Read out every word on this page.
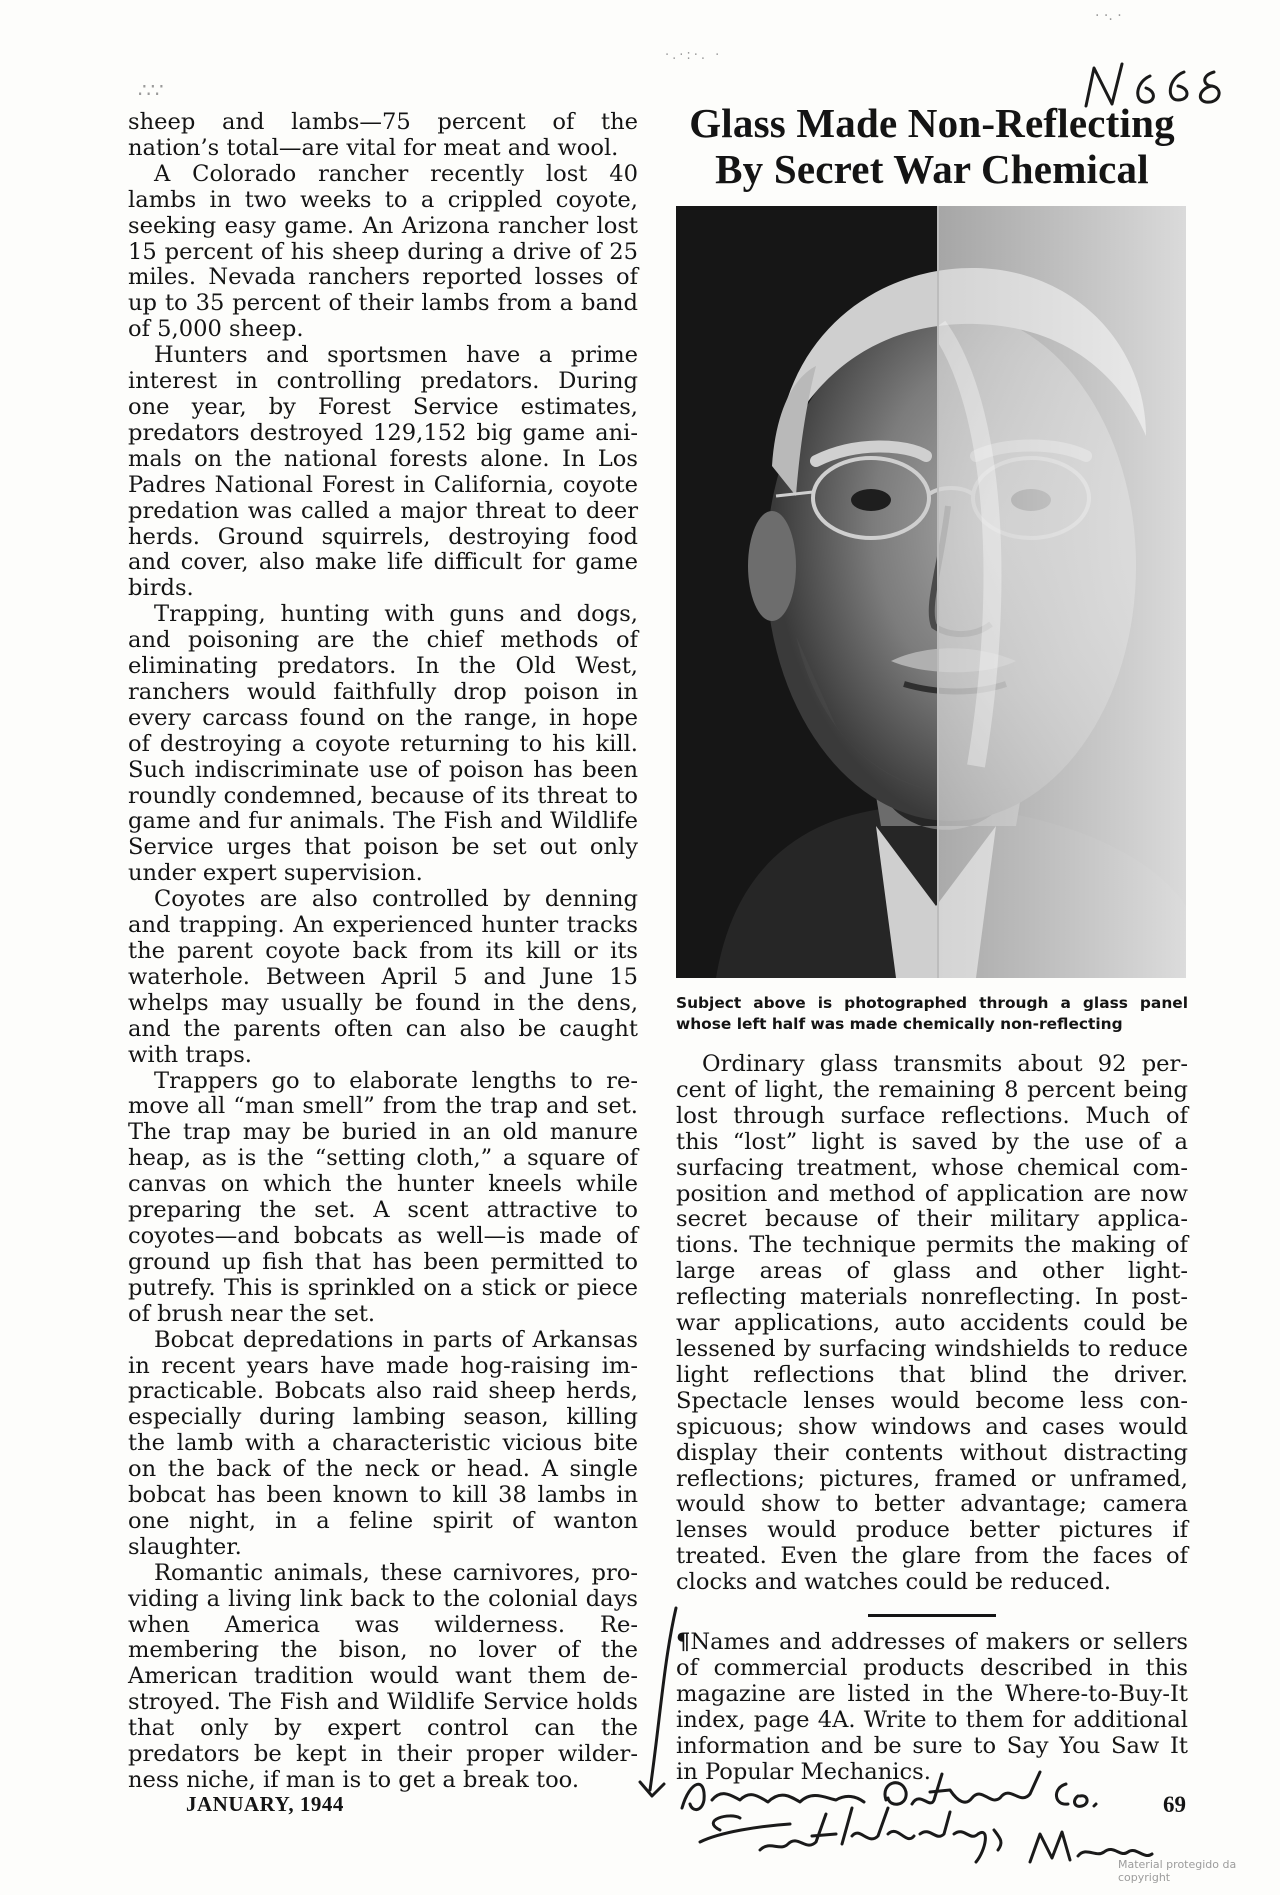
∴∵
·.·:·. ·
· ·. ·

sheep and lambs—75 percent of the nation’s total—are vital for meat and wool.

A Colorado rancher recently lost 40 lambs in two weeks to a crippled coyote, seeking easy game. An Arizona rancher lost 15 percent of his sheep during a drive of 25 miles. Nevada ranchers reported losses of up to 35 percent of their lambs from a band of 5,000 sheep.

Hunters and sportsmen have a prime interest in controlling predators. During one year, by Forest Service estimates, predators destroyed 129,152 big game animals on the national forests alone. In Los Padres National Forest in California, coyote predation was called a major threat to deer herds. Ground squirrels, destroying food and cover, also make life difficult for game birds.

Trapping, hunting with guns and dogs, and poisoning are the chief methods of eliminating predators. In the Old West, ranchers would faithfully drop poison in every carcass found on the range, in hope of destroying a coyote returning to his kill. Such indiscriminate use of poison has been roundly condemned, because of its threat to game and fur animals. The Fish and Wildlife Service urges that poison be set out only under expert supervision.

Coyotes are also controlled by denning and trapping. An experienced hunter tracks the parent coyote back from its kill or its waterhole. Between April 5 and June 15 whelps may usually be found in the dens, and the parents often can also be caught with traps.

Trappers go to elaborate lengths to remove all “man smell” from the trap and set. The trap may be buried in an old manure heap, as is the “setting cloth,” a square of canvas on which the hunter kneels while preparing the set. A scent attractive to coyotes—and bobcats as well—is made of ground up fish that has been permitted to putrefy. This is sprinkled on a stick or piece of brush near the set.

Bobcat depredations in parts of Arkansas in recent years have made hog-raising impracticable. Bobcats also raid sheep herds, especially during lambing season, killing the lamb with a characteristic vicious bite on the back of the neck or head. A single bobcat has been known to kill 38 lambs in one night, in a feline spirit of wanton slaughter.

Romantic animals, these carnivores, providing a living link back to the colonial days when America was wilderness. Remembering the bison, no lover of the American tradition would want them destroyed. The Fish and Wildlife Service holds that only by expert control can the predators be kept in their proper wilderness niche, if man is to get a break too.

Glass Made Non-Reflecting
By Secret War Chemical
Subject above is photographed through a glass panel whose left half was made chemically non-reflecting

Ordinary glass transmits about 92 percent of light, the remaining 8 percent being lost through surface reflections. Much of this “lost” light is saved by the use of a surfacing treatment, whose chemical composition and method of application are now secret because of their military applications. The technique permits the making of large areas of glass and other light-reflecting materials nonreflecting. In postwar applications, auto accidents could be lessened by surfacing windshields to reduce light reflections that blind the driver. Spectacle lenses would become less conspicuous; show windows and cases would display their contents without distracting reflections; pictures, framed or unframed, would show to better advantage; camera lenses would produce better pictures if treated. Even the glare from the faces of clocks and watches could be reduced.

¶Names and addresses of makers or sellers of commercial products described in this magazine are listed in the Where-to-Buy-It index, page 4A. Write to them for additional information and be sure to Say You Saw It in Popular Mechanics.

JANUARY, 1944	69
Material protegido da copyright
